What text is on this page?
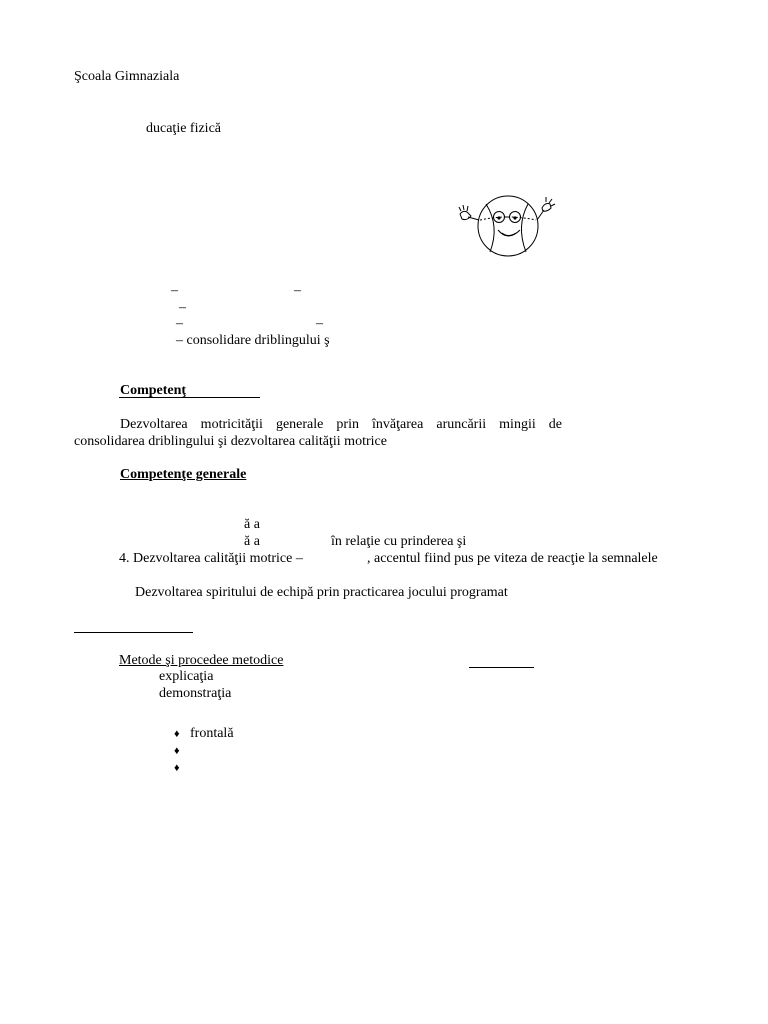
Şcoala Gimnaziala
ducaţie fizică
–	–
–
–	–
– consolidare driblingului ş
Competenţ
Dezvoltarea motricităţii generale prin învăţarea aruncării mingii de
consolidarea driblingului şi dezvoltarea calităţii motrice
Competenţe generale
ă a
ă a	în relaţie cu prinderea şi
4. Dezvoltarea calităţii motrice –	, accentul fiind pus pe viteza de reacţie la semnalele
Dezvoltarea spiritului de echipă prin practicarea jocului programat
Metode şi procedee metodice
explicaţia
demonstraţia
♦ frontală
♦
♦
